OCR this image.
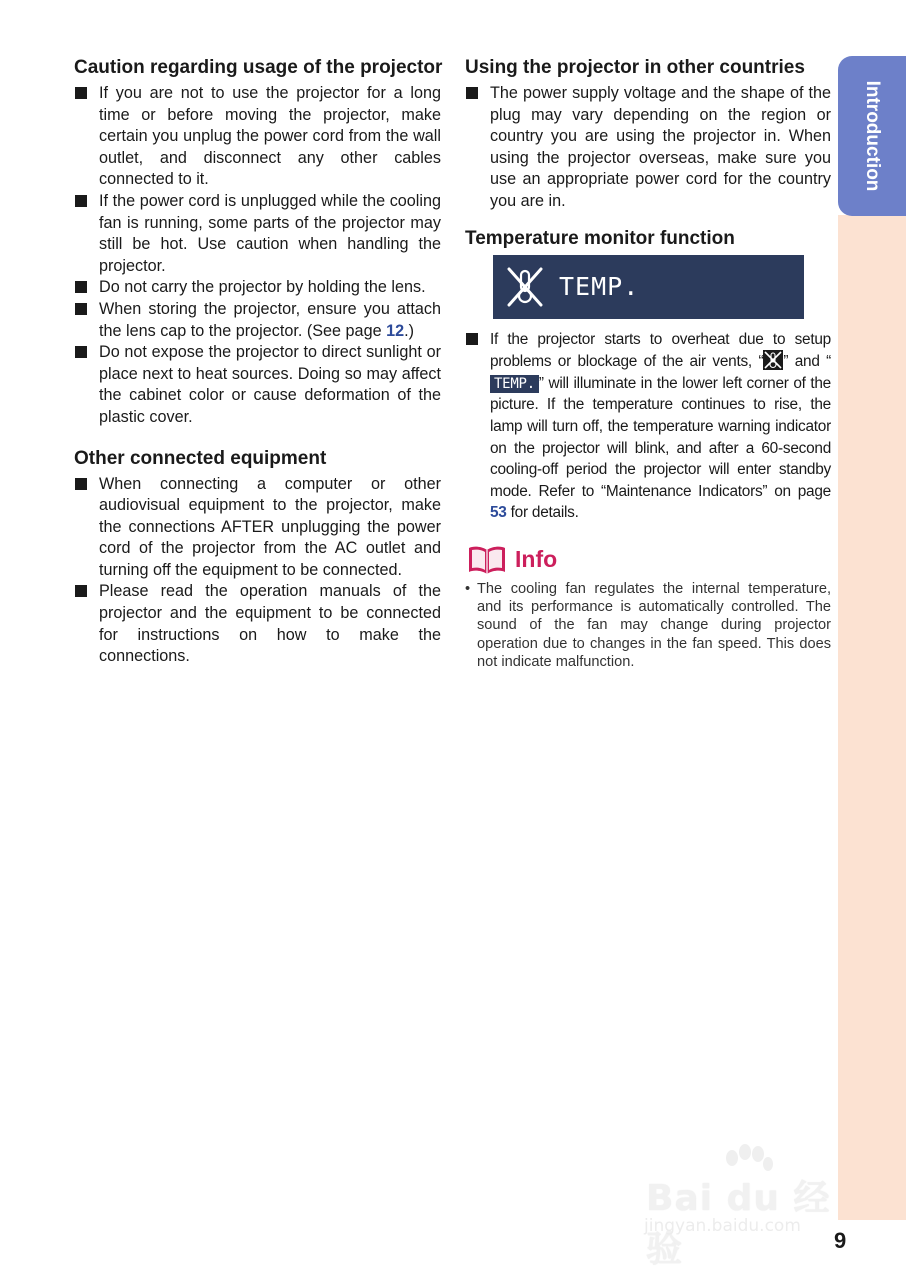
Caution regarding usage of the projector
If you are not to use the projector for a long time or before moving the projector, make certain you unplug the power cord from the wall outlet, and disconnect any other cables connected to it.
If the power cord is unplugged while the cooling fan is running, some parts of the projector may still be hot. Use caution when handling the projector.
Do not carry the projector by holding the lens.
When storing the projector, ensure you attach the lens cap to the projector. (See page 12.)
Do not expose the projector to direct sunlight or place next to heat sources. Doing so may affect the cabinet color or cause deformation of the plastic cover.
Other connected equipment
When connecting a computer or other audiovisual equipment to the projector, make the connections AFTER unplugging the power cord of the projector from the AC outlet and turning off the equipment to be connected.
Please read the operation manuals of the projector and the equipment to be connected for instructions on how to make the connections.
Using the projector in other countries
The power supply voltage and the shape of the plug may vary depending on the region or country you are using the projector in. When using the projector overseas, make sure you use an appropriate power cord for the country you are in.
Temperature monitor function
TEMP.
If the projector starts to overheat due to setup problems or blockage of the air vents, “ ” and “TEMP. ” will illuminate in the lower left corner of the picture. If the temperature continues to rise, the lamp will turn off, the temperature warning indicator on the projector will blink, and after a 60-second cooling-off period the projector will enter standby mode. Refer to “Maintenance Indicators” on page 53 for details.
Info
• The cooling fan regulates the internal temperature, and its performance is automatically controlled. The sound of the fan may change during projector operation due to changes in the fan speed. This does not indicate malfunction.
Introduction
Bai du 经验
jingyan.baidu.com
9
